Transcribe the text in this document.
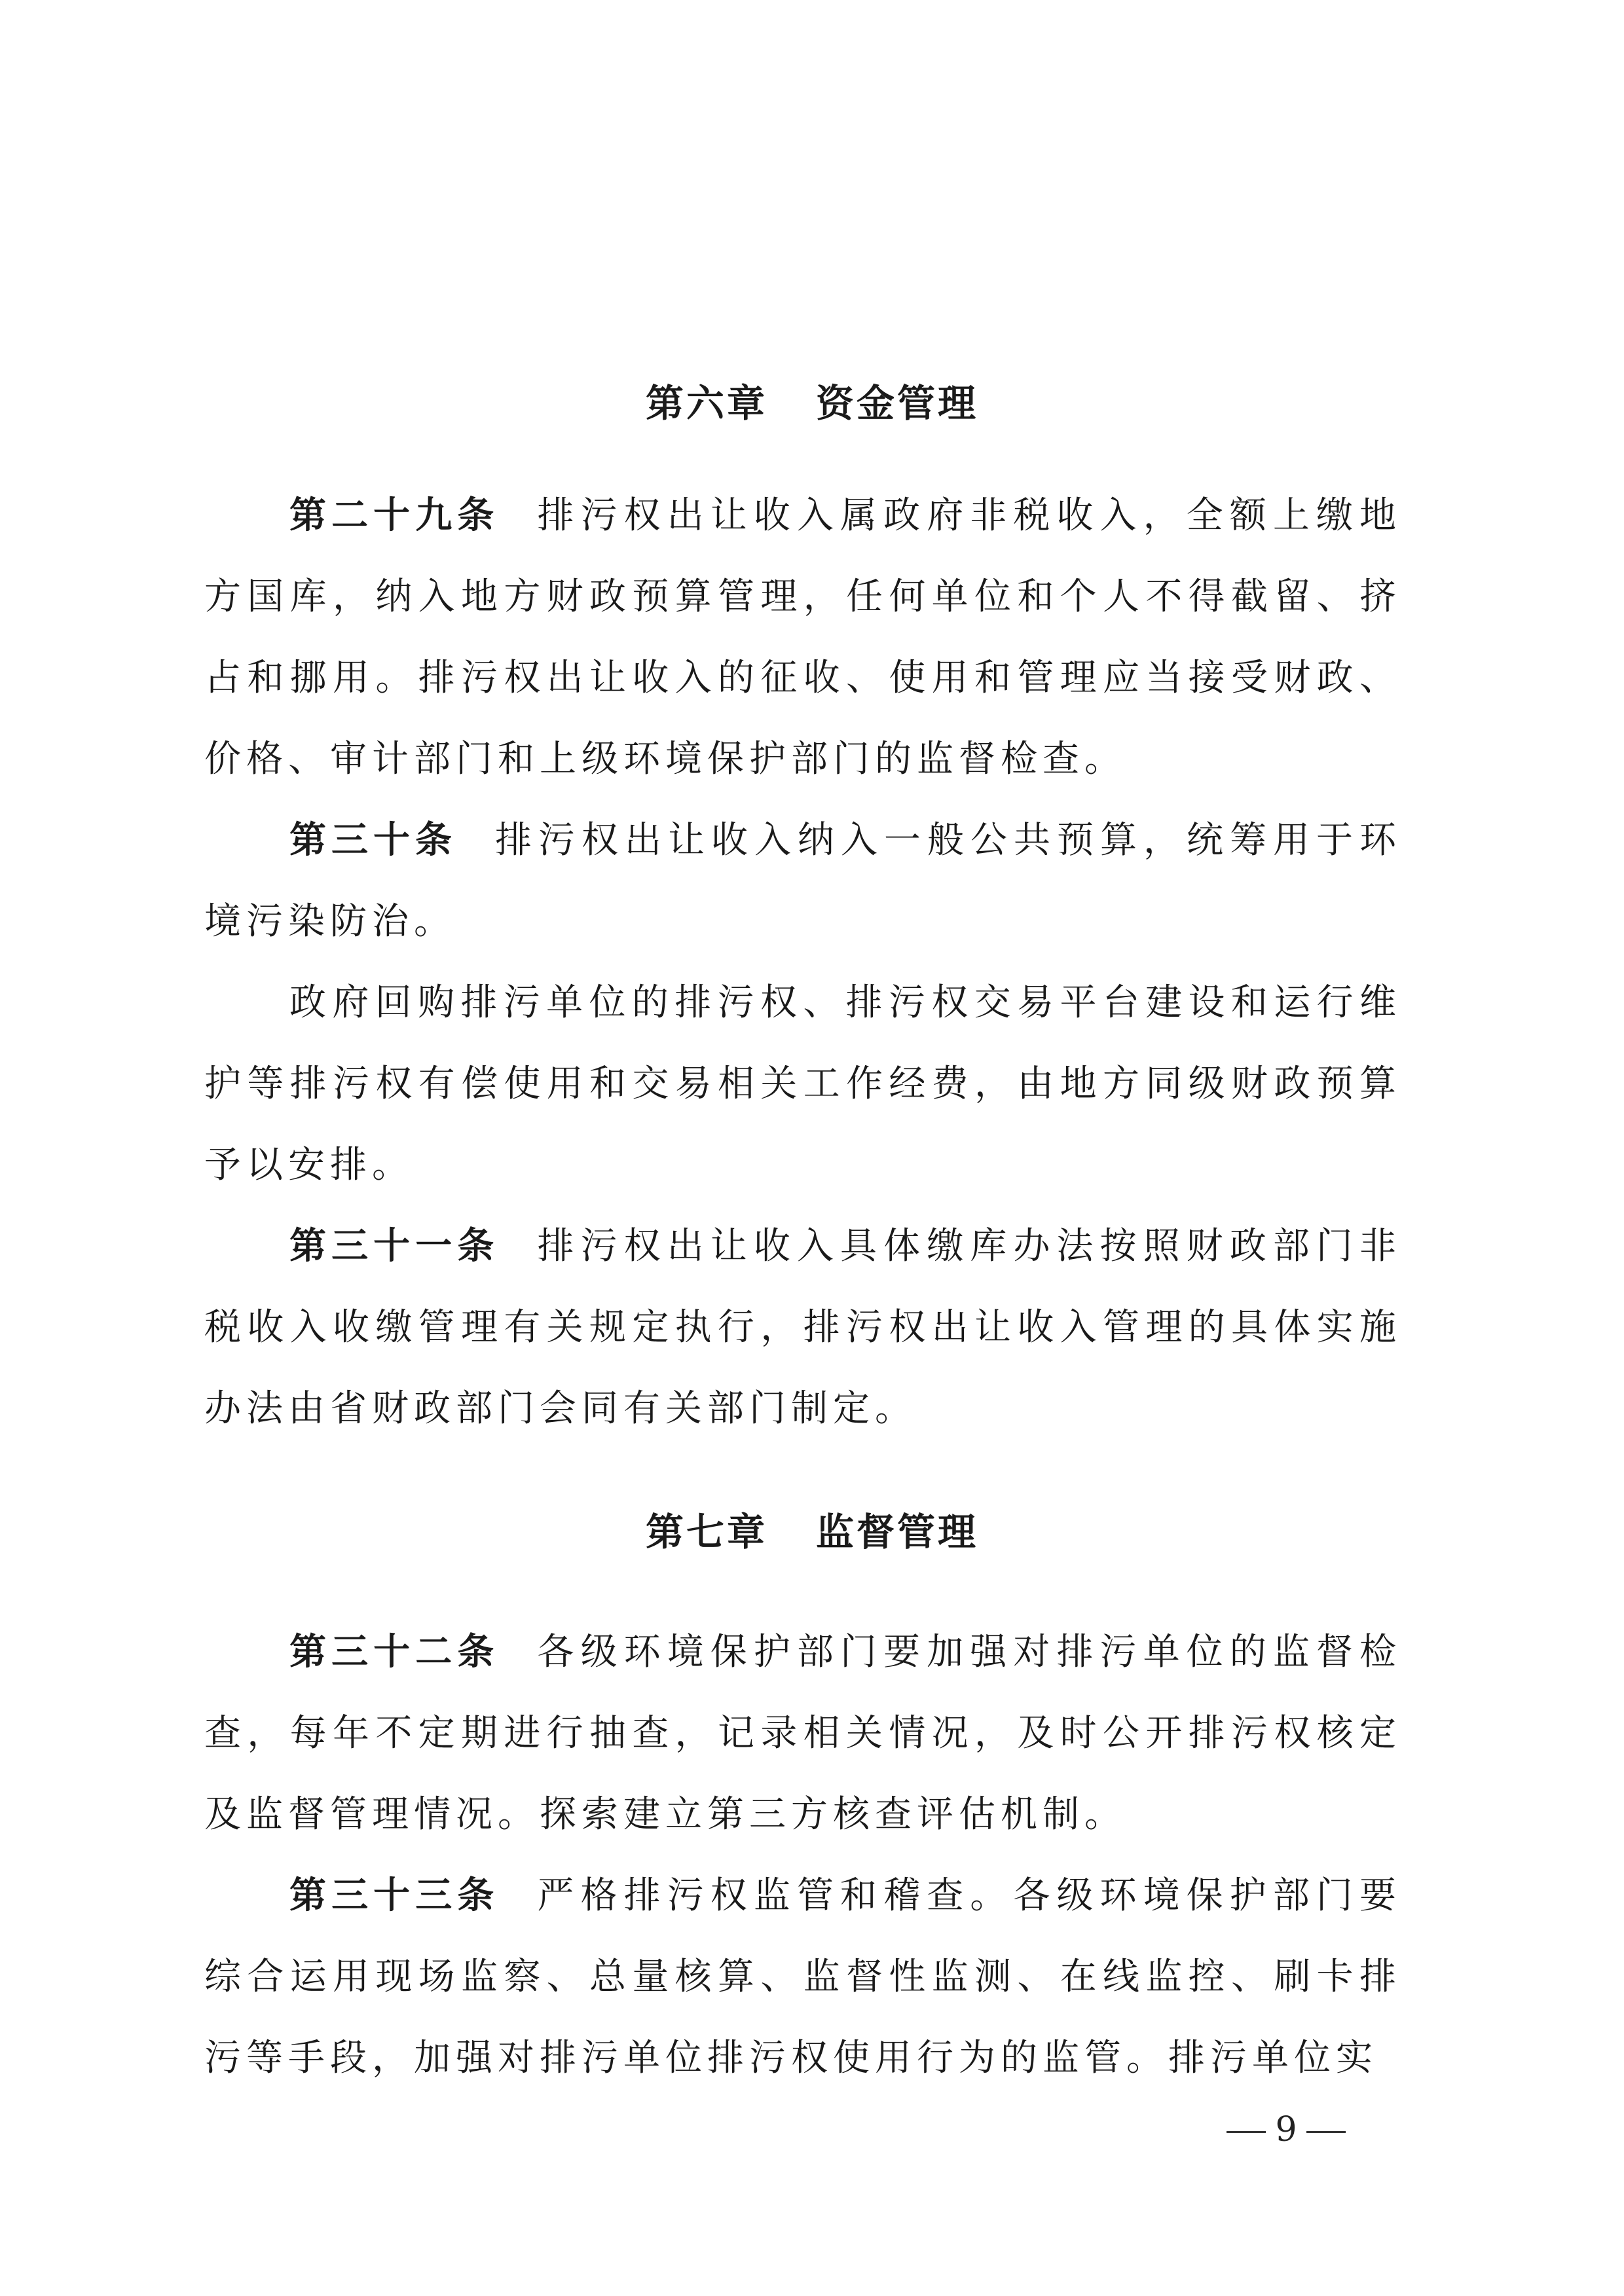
第六章 资金管理

第二十九条 排污权出让收入属政府非税收入，全额上缴地方国库，纳入地方财政预算管理，任何单位和个人不得截留、挤占和挪用。排污权出让收入的征收、使用和管理应当接受财政、价格、审计部门和上级环境保护部门的监督检查。

第三十条 排污权出让收入纳入一般公共预算，统筹用于环境污染防治。

政府回购排污单位的排污权、排污权交易平台建设和运行维护等排污权有偿使用和交易相关工作经费，由地方同级财政预算予以安排。

第三十一条 排污权出让收入具体缴库办法按照财政部门非税收入收缴管理有关规定执行，排污权出让收入管理的具体实施办法由省财政部门会同有关部门制定。

第七章 监督管理

第三十二条 各级环境保护部门要加强对排污单位的监督检查，每年不定期进行抽查，记录相关情况，及时公开排污权核定及监督管理情况。探索建立第三方核查评估机制。

第三十三条 严格排污权监管和稽查。各级环境保护部门要综合运用现场监察、总量核算、监督性监测、在线监控、刷卡排污等手段，加强对排污单位排污权使用行为的监管。排污单位实

9
